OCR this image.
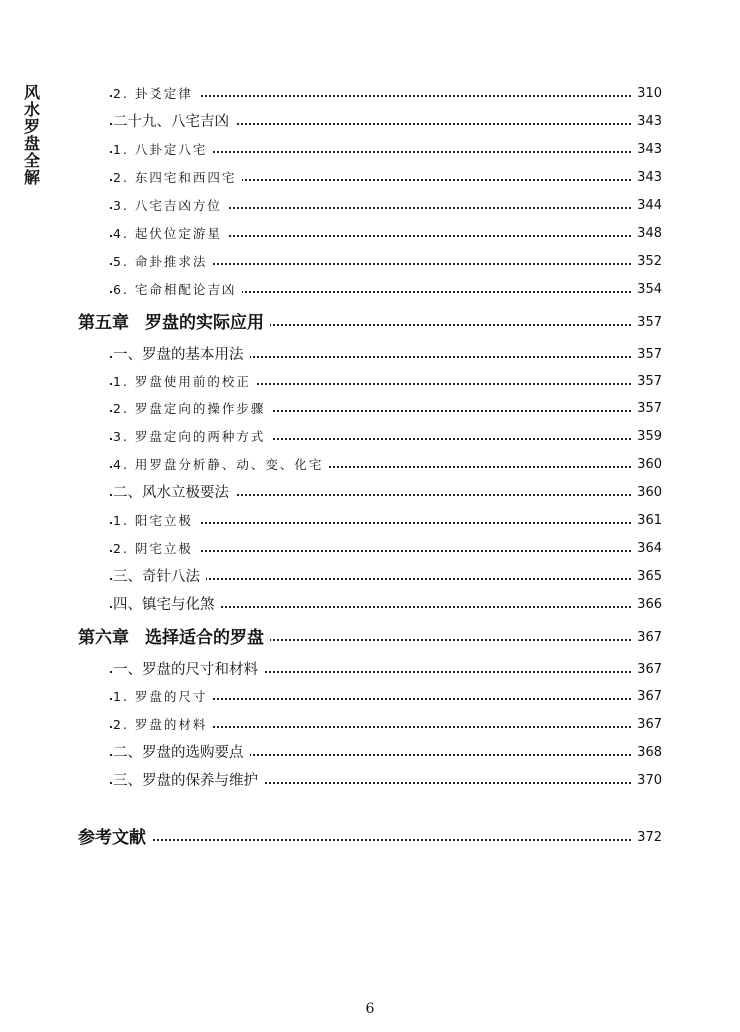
风
水
罗
盘
全
解
2. 卦爻定律	310
二十九、八宅吉凶	343
1. 八卦定八宅	343
2. 东四宅和西四宅	343
3. 八宅吉凶方位	344
4. 起伏位定游星	348
5. 命卦推求法	352
6. 宅命相配论吉凶	354
第五章 罗盘的实际应用	357
一、罗盘的基本用法	357
1. 罗盘使用前的校正	357
2. 罗盘定向的操作步骤	357
3. 罗盘定向的两种方式	359
4. 用罗盘分析静、动、变、化宅	360
二、风水立极要法	360
1. 阳宅立极	361
2. 阴宅立极	364
三、奇针八法	365
四、镇宅与化煞	366
第六章 选择适合的罗盘	367
一、罗盘的尺寸和材料	367
1. 罗盘的尺寸	367
2. 罗盘的材料	367
二、罗盘的选购要点	368
三、罗盘的保养与维护	370
参考文献	372
6
